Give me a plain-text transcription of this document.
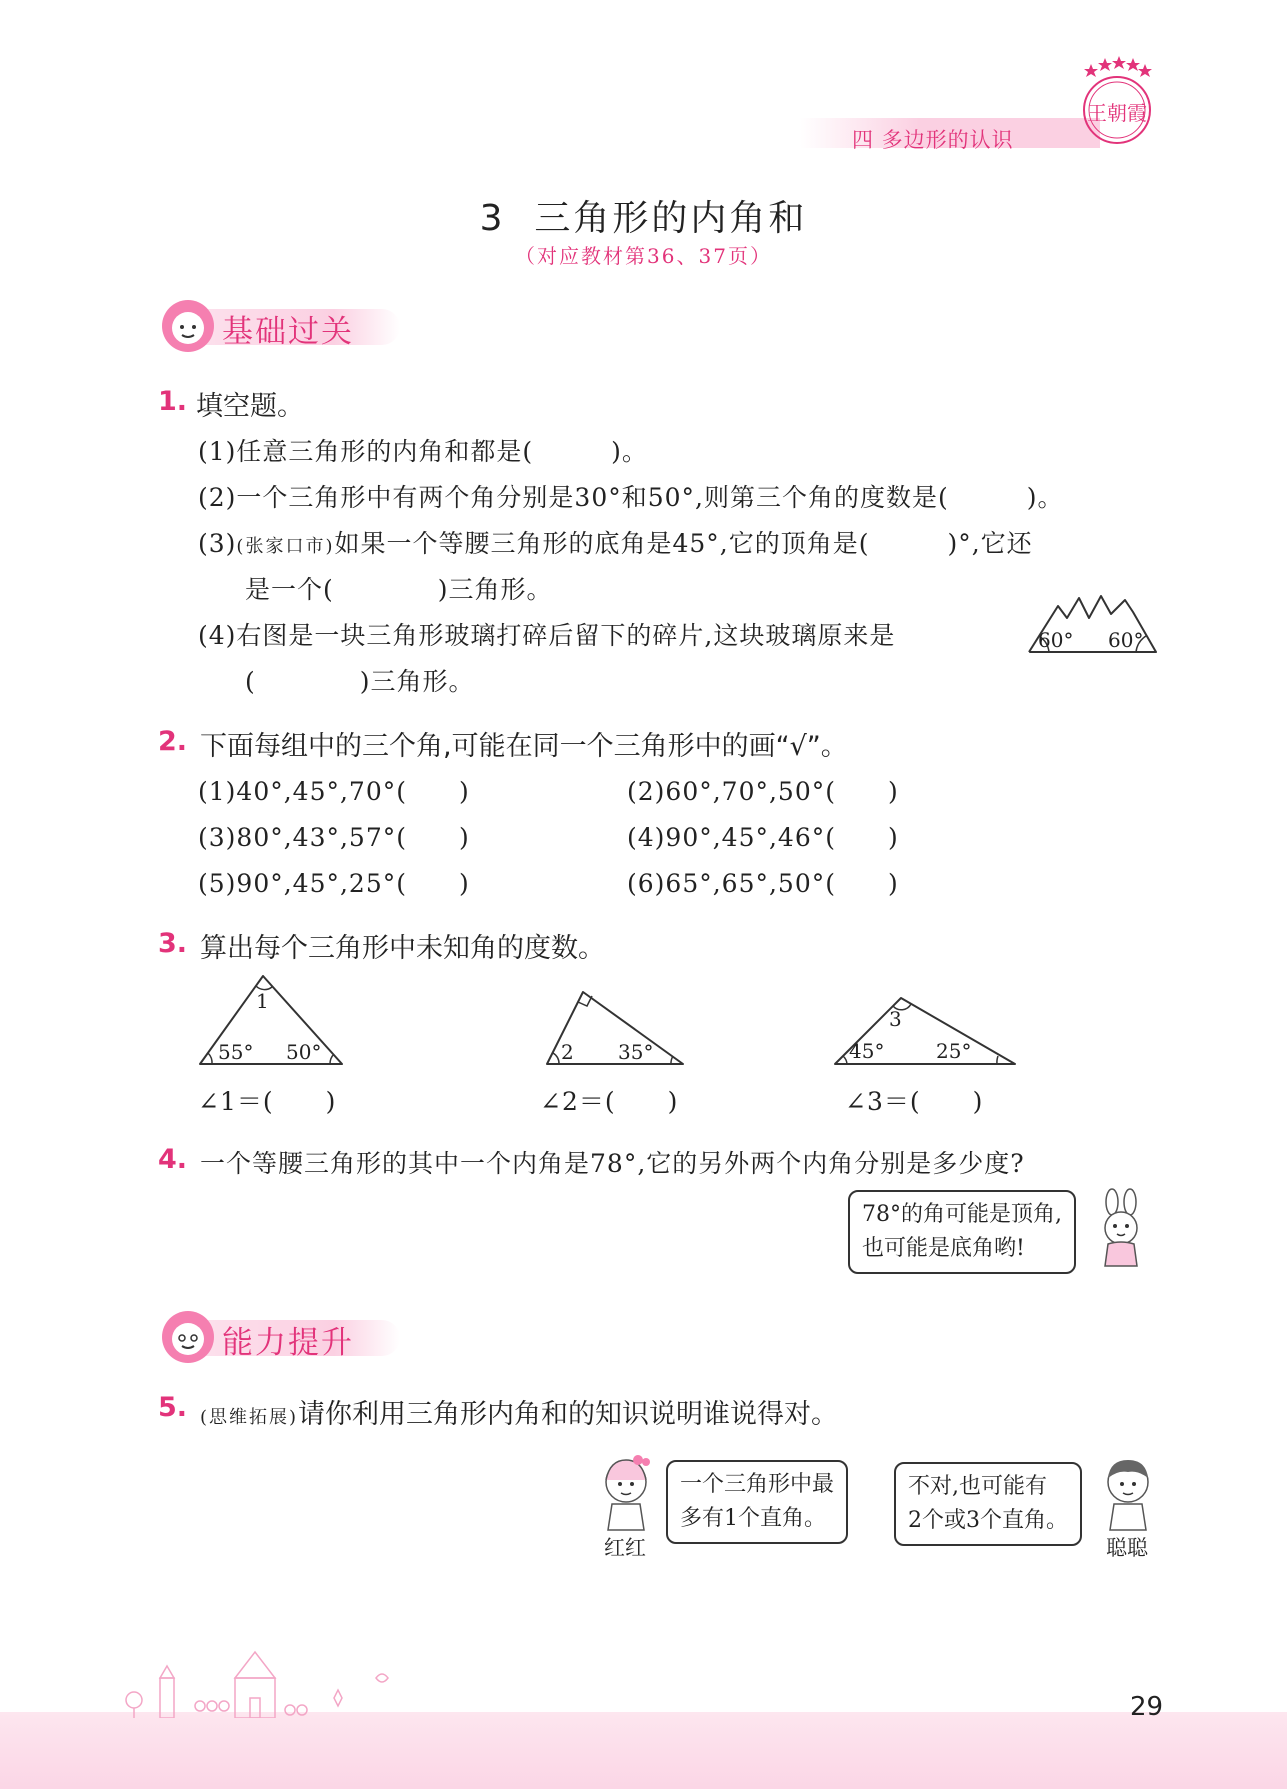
四 多边形的认识
王朝霞
3  三角形的内角和
（对应教材第36、37页）
基础过关
1. 填空题。
(1)任意三角形的内角和都是(　　　)。
(2)一个三角形中有两个角分别是30°和50°,则第三个角的度数是(　　　)。
(3)(张家口市)如果一个等腰三角形的底角是45°,它的顶角是(　　　)°,它还
是一个(　　　　)三角形。
(4)右图是一块三角形玻璃打碎后留下的碎片,这块玻璃原来是
(　　　　)三角形。
60° 60°
2. 下面每组中的三个角,可能在同一个三角形中的画“√”。
(1)40°,45°,70°(　　)	(2)60°,70°,50°(　　)
(3)80°,43°,57°(　　)	(4)90°,45°,46°(　　)
(5)90°,45°,25°(　　)	(6)65°,65°,50°(　　)
3. 算出每个三角形中未知角的度数。
1
55° 50°
∠1＝(　　)
2 35°
∠2＝(　　)
3
45°	25°
∠3＝(　　)
4. 一个等腰三角形的其中一个内角是78°,它的另外两个内角分别是多少度?
78°的角可能是顶角,
也可能是底角哟!
能力提升
5. (思维拓展)请你利用三角形内角和的知识说明谁说得对。
红红
一个三角形中最
多有1个直角。
不对,也可能有
2个或3个直角。
聪聪
29
